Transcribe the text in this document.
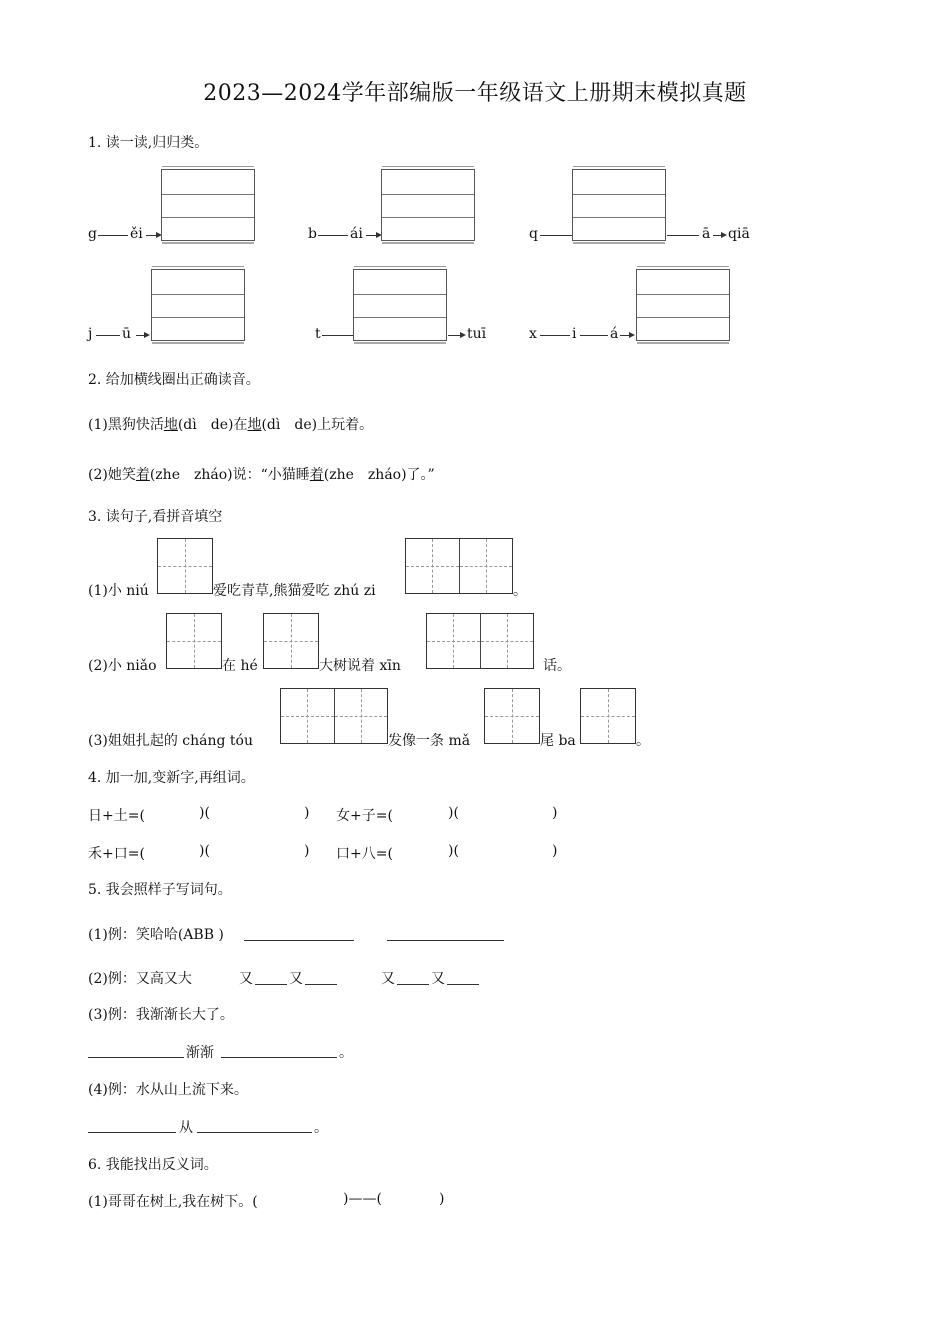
2023—2024学年部编版一年级语文上册期末模拟真题
1. 读一读,归归类。
g ěi	b ái	q	ā qiā
j ū	t	tuī	x	i á
2. 给加横线圈出正确读音。
(1)黑狗快活地(dì　de)在地(dì　de)上玩着。
(2)她笑着(zhe　zháo)说：“小猫睡着(zhe　zháo)了。”
3. 读句子,看拼音填空
(1)小 niú	爱吃青草,熊猫爱吃 zhú zi	。
(2)小 niǎo	在 hé	大树说着 xīn	话。
(3)姐姐扎起的 cháng tóu	发像一条 mǎ	尾 ba	。
4. 加一加,变新字,再组词。
日+土=(	)(	) 女+子=(	)(	)
禾+口=(	)(	) 口+八=(	)(	)
5. 我会照样子写词句。
(1)例：笑哈哈(ABB )
(2)例：又高又大	又	又	又	又
(3)例：我渐渐长大了。
渐渐	。
(4)例：水从山上流下来。
从	。
6. 我能找出反义词。
(1)哥哥在树上,我在树下。(	)——(	)
